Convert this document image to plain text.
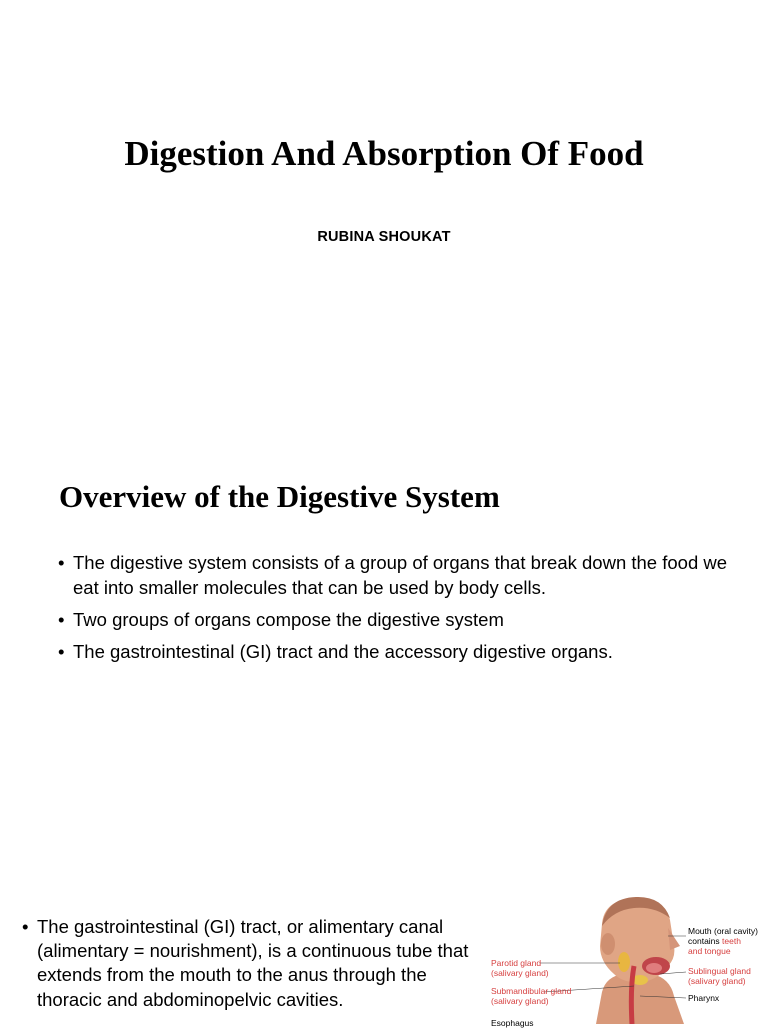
Digestion And Absorption Of Food
RUBINA SHOUKAT
Overview of the Digestive System
• The digestive system consists of a group of organs that break down the food we eat into smaller molecules that can be used by body cells.
• Two groups of organs compose the digestive system
• The gastrointestinal (GI) tract and the accessory digestive organs.
• The gastrointestinal (GI) tract, or alimentary canal (alimentary = nourishment), is a continuous tube that extends from the mouth to the anus through the thoracic and abdominopelvic cavities.
Mouth (oral cavity)
contains teeth
and tongue
Parotid gland
(salivary gland)	Sublingual gland
(salivary gland)
Submandibular gland
(salivary gland)	Pharynx
Esophagus
